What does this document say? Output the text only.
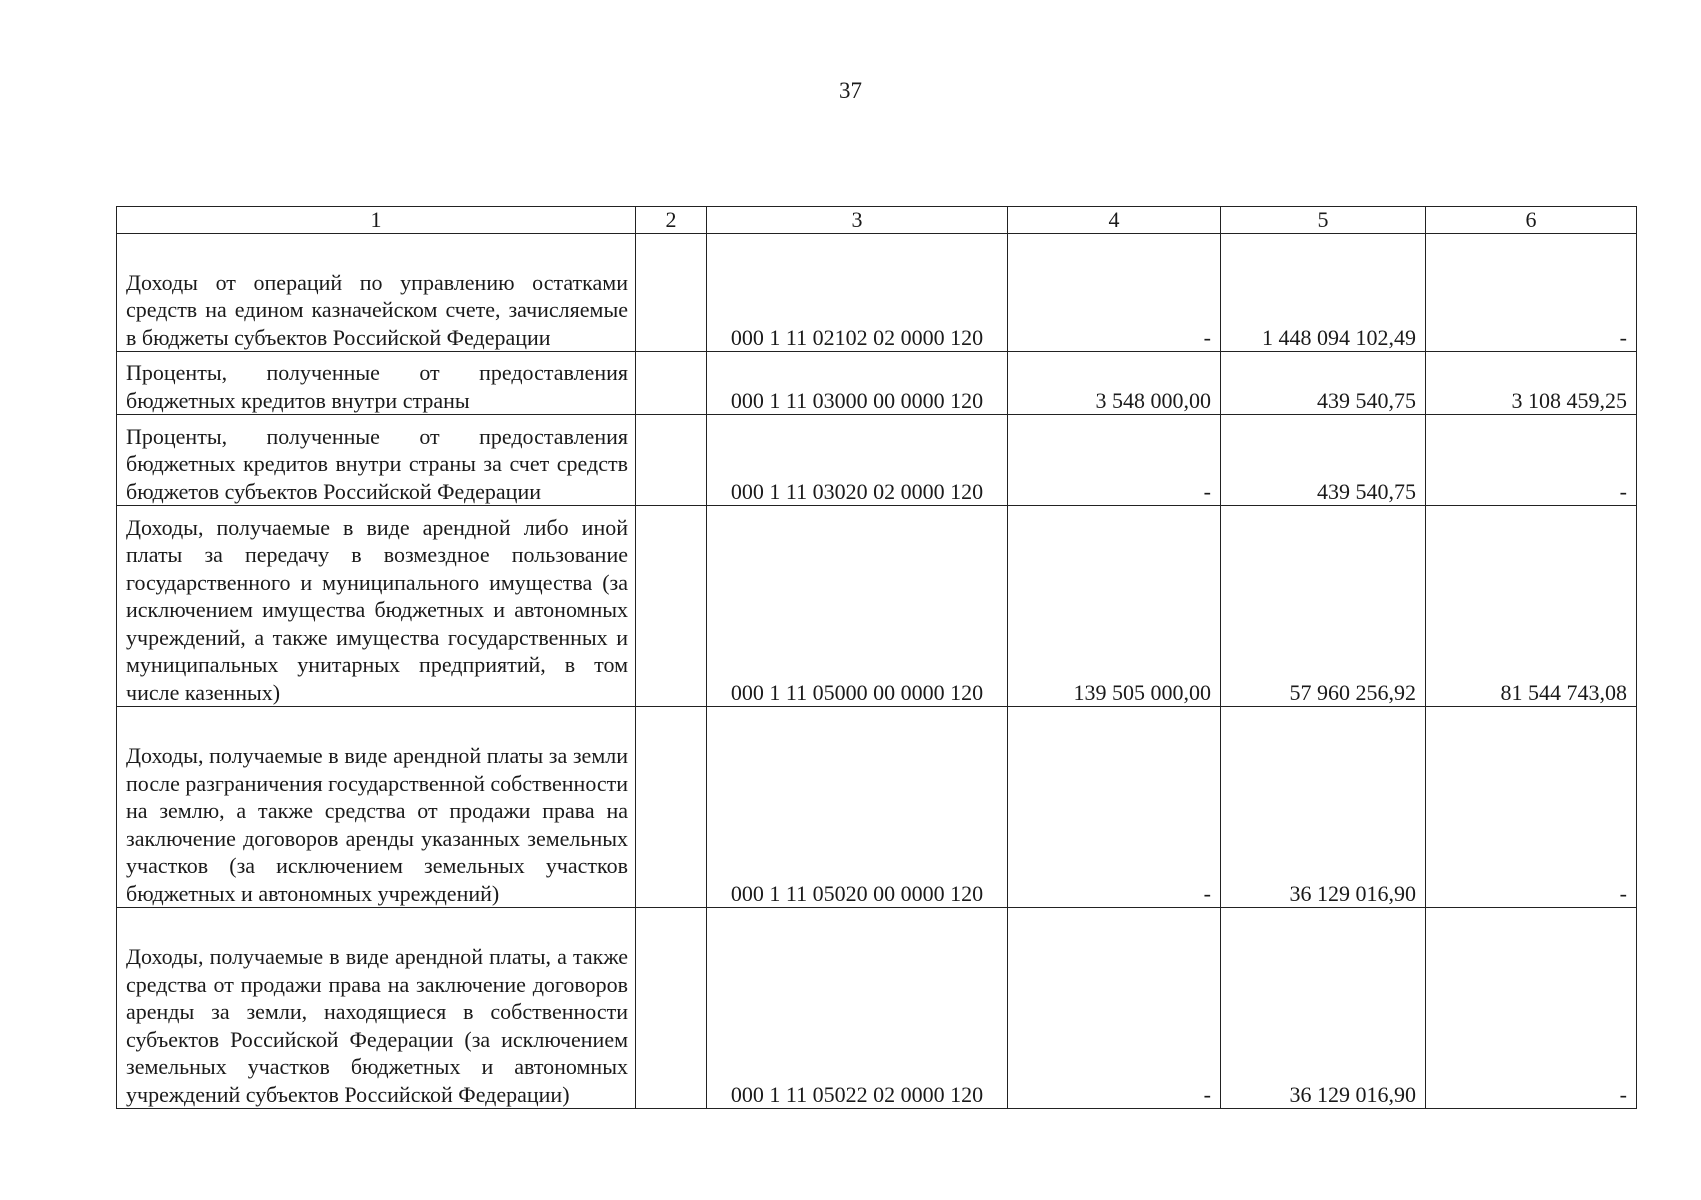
37
1	2	3	4	5	6
Доходы от операций по управлению остатками средств на едином казначейском счете, зачисляемые в бюджеты субъектов Российской Федерации		000 1 11 02102 02 0000 120	-	1 448 094 102,49	-
Проценты, полученные от предоставления бюджетных кредитов внутри страны		000 1 11 03000 00 0000 120	3 548 000,00	439 540,75	3 108 459,25
Проценты, полученные от предоставления бюджетных кредитов внутри страны за счет средств бюджетов субъектов Российской Федерации		000 1 11 03020 02 0000 120	-	439 540,75	-
Доходы, получаемые в виде арендной либо иной платы за передачу в возмездное пользование государственного и муниципального имущества (за исключением имущества бюджетных и автономных учреждений, а также имущества государственных и муниципальных унитарных предприятий, в том числе казенных)		000 1 11 05000 00 0000 120	139 505 000,00	57 960 256,92	81 544 743,08
Доходы, получаемые в виде арендной платы за земли после разграничения государственной собственности на землю, а также средства от продажи права на заключение договоров аренды указанных земельных участков (за исключением земельных участков бюджетных и автономных учреждений)		000 1 11 05020 00 0000 120	-	36 129 016,90	-
Доходы, получаемые в виде арендной платы, а также средства от продажи права на заключение договоров аренды за земли, находящиеся в собственности субъектов Российской Федерации (за исключением земельных участков бюджетных и автономных учреждений субъектов Российской Федерации)		000 1 11 05022 02 0000 120	-	36 129 016,90	-
